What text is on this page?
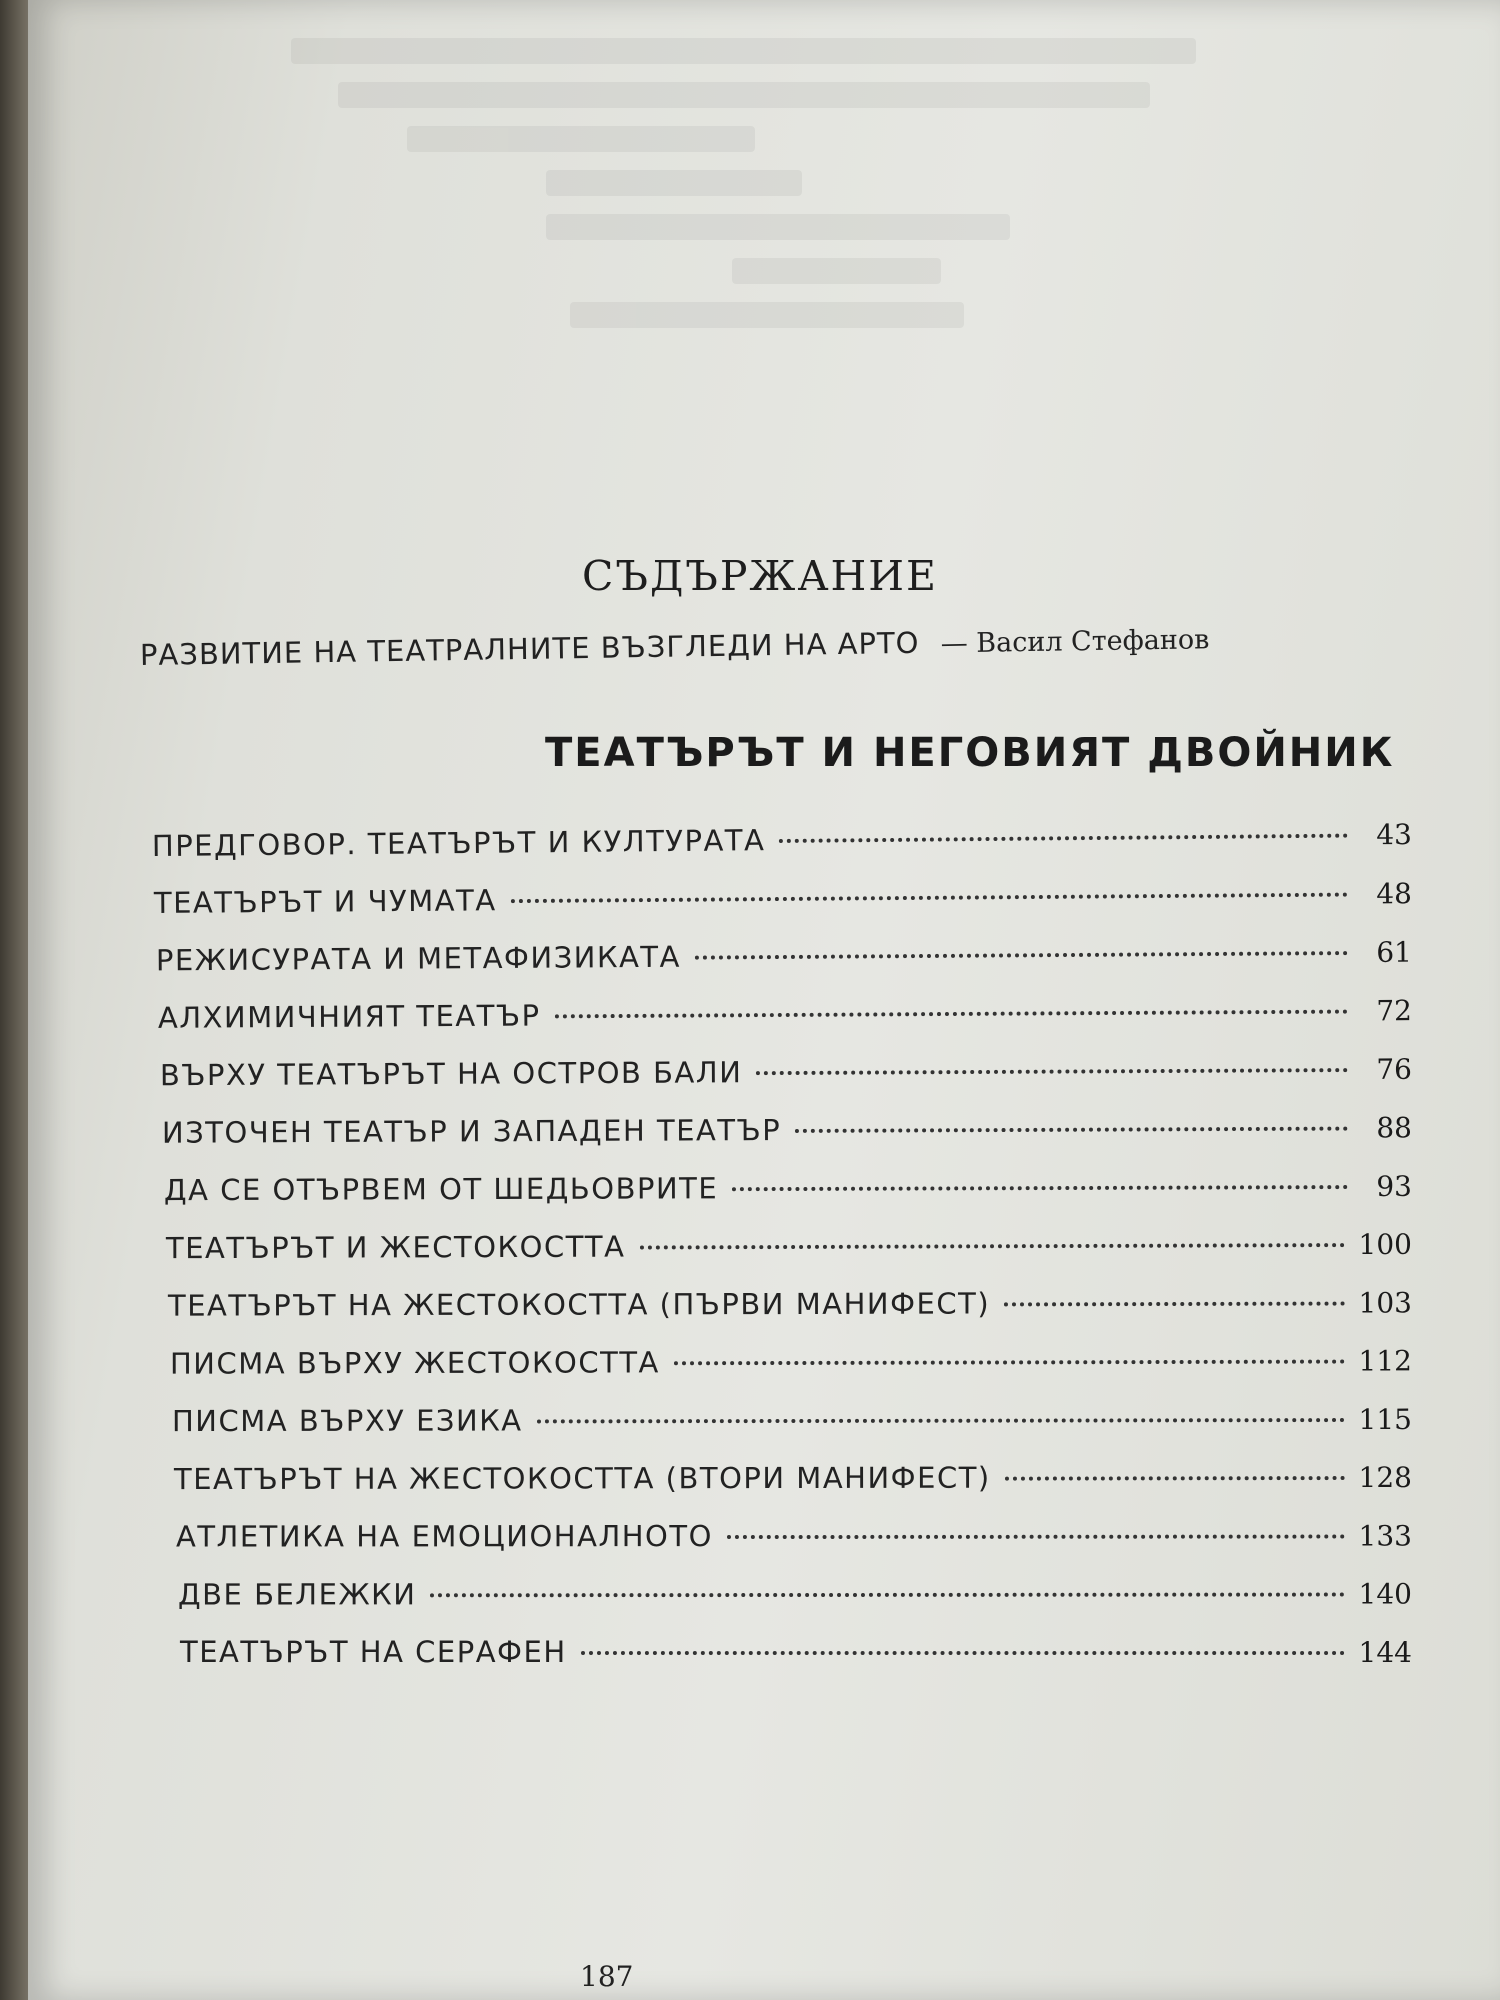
СЪДЪРЖАНИЕ
РАЗВИТИЕ НА ТЕАТРАЛНИТЕ ВЪЗГЛЕДИ НА АРТО — Васил Стефанов
ТЕАТЪРЪТ И НЕГОВИЯТ ДВОЙНИК
ПРЕДГОВОР. ТЕАТЪРЪТ И КУЛТУРАТА	43
ТЕАТЪРЪТ И ЧУМАТА	48
РЕЖИСУРАТА И МЕТАФИЗИКАТА	61
АЛХИМИЧНИЯТ ТЕАТЪР	72
ВЪРХУ ТЕАТЪРЪТ НА ОСТРОВ БАЛИ	76
ИЗТОЧЕН ТЕАТЪР И ЗАПАДЕН ТЕАТЪР	88
ДА СЕ ОТЪРВЕМ ОТ ШЕДЬОВРИТЕ	93
ТЕАТЪРЪТ И ЖЕСТОКОСТТА	100
ТЕАТЪРЪТ НА ЖЕСТОКОСТТА (ПЪРВИ МАНИФЕСТ)	103
ПИСМА ВЪРХУ ЖЕСТОКОСТТА	112
ПИСМА ВЪРХУ ЕЗИКА	115
ТЕАТЪРЪТ НА ЖЕСТОКОСТТА (ВТОРИ МАНИФЕСТ)	128
АТЛЕТИКА НА ЕМОЦИОНАЛНОТО	133
ДВЕ БЕЛЕЖКИ	140
ТЕАТЪРЪТ НА СЕРАФЕН	144
187
